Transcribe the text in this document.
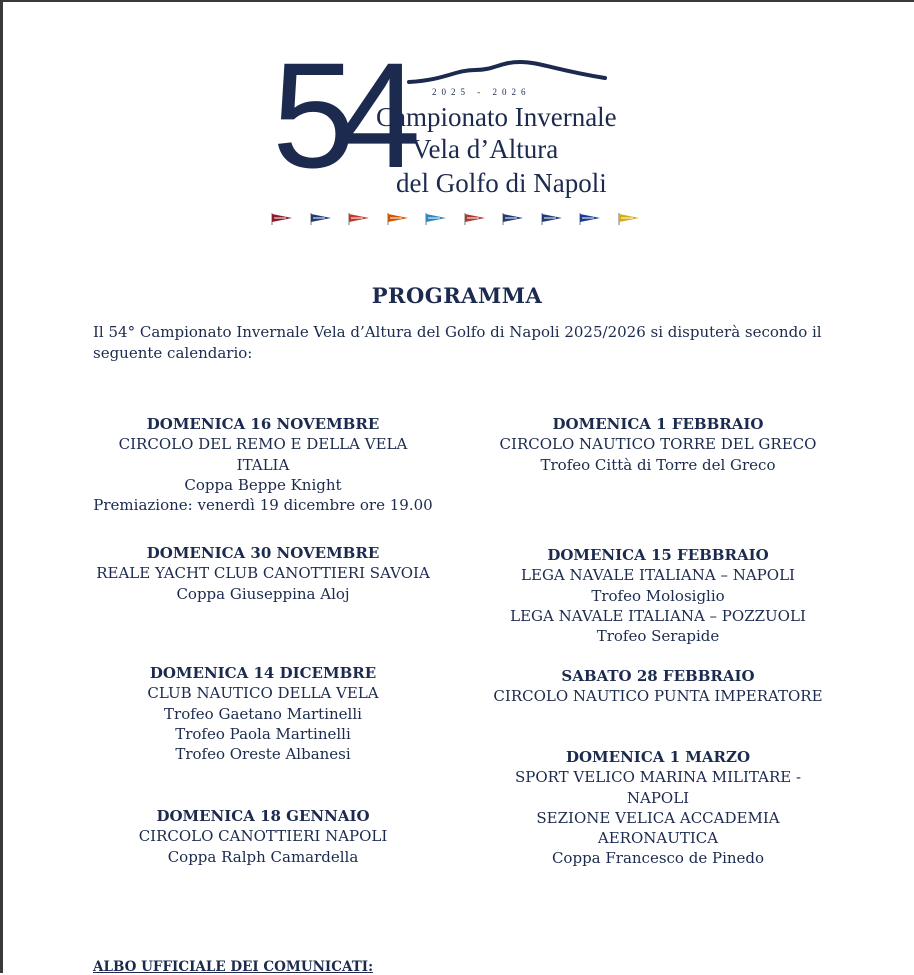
54	2025 - 2026
Campionato Invernale
Vela d’Altura
del Golfo di Napoli
PROGRAMMA
Il 54° Campionato Invernale Vela d’Altura del Golfo di Napoli 2025/2026 si disputerà secondo il seguente calendario:
DOMENICA 16 NOVEMBRE
CIRCOLO DEL REMO E DELLA VELA ITALIA
Coppa Beppe Knight
Premiazione: venerdì 19 dicembre ore 19.00
DOMENICA 30 NOVEMBRE
REALE YACHT CLUB CANOTTIERI SAVOIA
Coppa Giuseppina Aloj
DOMENICA 14 DICEMBRE
CLUB NAUTICO DELLA VELA
Trofeo Gaetano Martinelli
Trofeo Paola Martinelli
Trofeo Oreste Albanesi
DOMENICA 18 GENNAIO
CIRCOLO CANOTTIERI NAPOLI
Coppa Ralph Camardella
DOMENICA 1 FEBBRAIO
CIRCOLO NAUTICO TORRE DEL GRECO
Trofeo Città di Torre del Greco
DOMENICA 15 FEBBRAIO
LEGA NAVALE ITALIANA – NAPOLI
Trofeo Molosiglio
LEGA NAVALE ITALIANA – POZZUOLI
Trofeo Serapide
SABATO 28 FEBBRAIO
CIRCOLO NAUTICO PUNTA IMPERATORE
DOMENICA 1 MARZO
SPORT VELICO MARINA MILITARE - NAPOLI
SEZIONE VELICA ACCADEMIA AERONAUTICA
Coppa Francesco de Pinedo
ALBO UFFICIALE DEI COMUNICATI:
